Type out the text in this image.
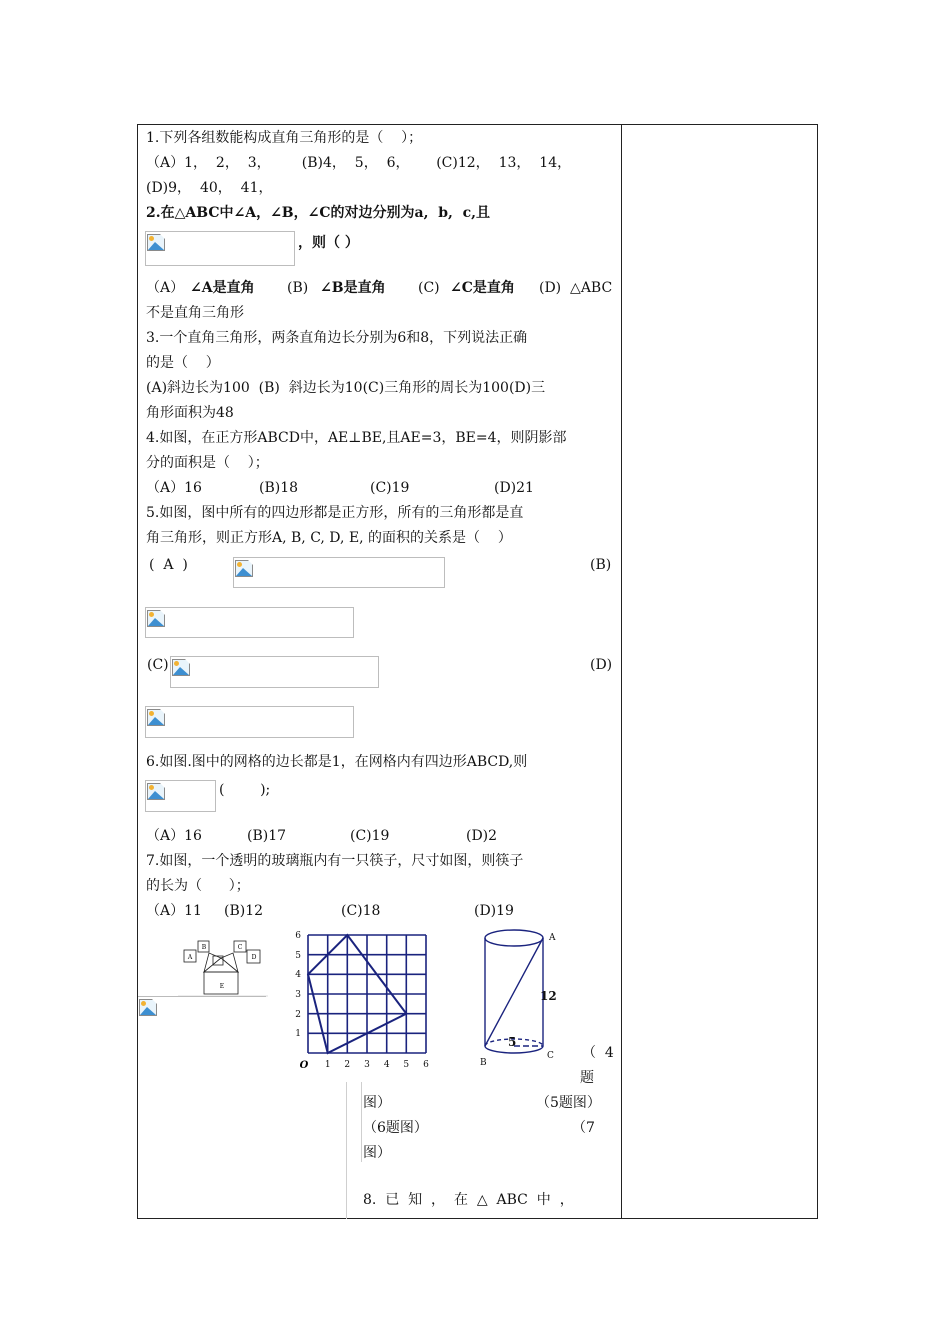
1.下列各组数能构成直角三角形的是（    ）；
（A）1，  2，  3，       (B)4，  5，  6，      (C)12，  13，  14，
(D)9，  40，  41，
2.在△ABC中∠A，∠B，∠C的对边分别为a,  b,  c,且
，则（ ）
（A） ∠A是直角 (B) ∠B是直角 (C) ∠C是直角 (D)  △ABC
不是直角三角形
3.一个直角三角形，两条直角边长分别为6和8，下列说法正确
的是（    ）
(A)斜边长为100  (B)  斜边长为10(C)三角形的周长为100(D)三
角形面积为48
4.如图，在正方形ABCD中，AE⊥BE,且AE=3，BE=4，则阴影部
分的面积是（    ）；
（A）16	(B)18	(C)19	(D)21
5.如图，图中所有的四边形都是正方形，所有的三角形都是直
角三角形，则正方形A, B, C, D, E, 的面积的关系是（    ）
(  A  )	(B)
(C)	(D)
6.如图.图中的网格的边长都是1，在网格内有四边形ABCD,则
(        );
（A）16	(B)17	(C)19	(D)2
7.如图，一个透明的玻璃瓶内有一只筷子，尺寸如图，则筷子
的长为（      ）；
（A）11 (B)12	(C)18	(D)19
A
B	C
D
E
6
5
4
3
2
1
1 2 3 4 5 6
O
A
B
C
12
5
（  4
题
图）	（5题图）
（6题图）	（7
图）
8.  已  知  ，  在  △  ABC  中  ，
